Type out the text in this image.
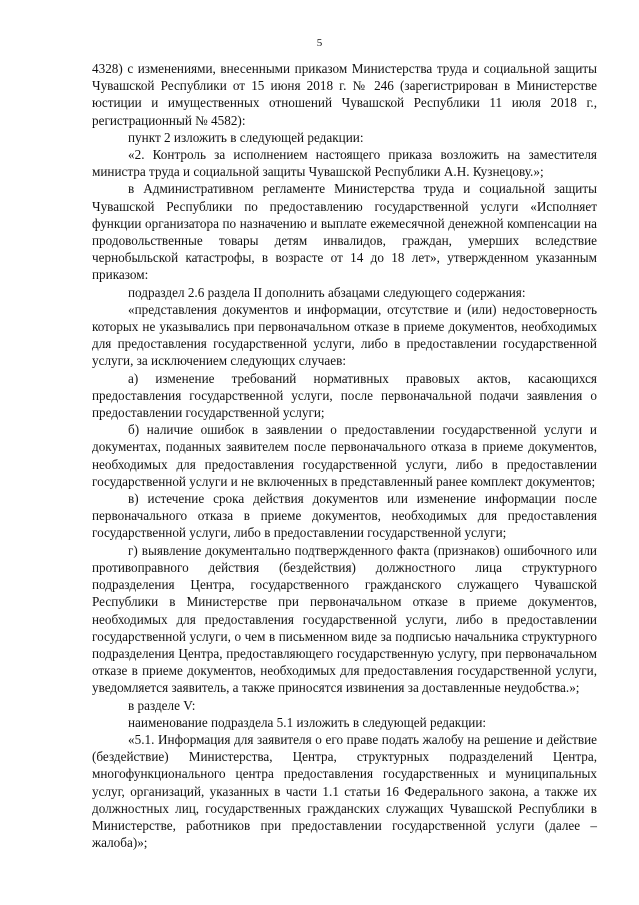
5

4328) с изменениями, внесенными приказом Министерства труда и социальной защиты Чувашской Республики от 15 июня 2018 г. № 246 (зарегистрирован в Министерстве юстиции и имущественных отношений Чувашской Республики 11 июля 2018 г., регистрационный № 4582):

пункт 2 изложить в следующей редакции:

«2. Контроль за исполнением настоящего приказа возложить на заместителя министра труда и социальной защиты Чувашской Республики А.Н. Кузнецову.»;

в Административном регламенте Министерства труда и социальной защиты Чувашской Республики по предоставлению государственной услуги «Исполняет функции организатора по назначению и выплате ежемесячной денежной компенсации на продовольственные товары детям инвалидов, граждан, умерших вследствие чернобыльской катастрофы, в возрасте от 14 до 18 лет», утвержденном указанным приказом:

подраздел 2.6 раздела II дополнить абзацами следующего содержания:

«представления документов и информации, отсутствие и (или) недостоверность которых не указывались при первоначальном отказе в приеме документов, необходимых для предоставления государственной услуги, либо в предоставлении государственной услуги, за исключением следующих случаев:

а) изменение требований нормативных правовых актов, касающихся предоставления государственной услуги, после первоначальной подачи заявления о предоставлении государственной услуги;

б) наличие ошибок в заявлении о предоставлении государственной услуги и документах, поданных заявителем после первоначального отказа в приеме документов, необходимых для предоставления государственной услуги, либо в предоставлении государственной услуги и не включенных в представленный ранее комплект документов;

в) истечение срока действия документов или изменение информации после первоначального отказа в приеме документов, необходимых для предоставления государственной услуги, либо в предоставлении государственной услуги;

г) выявление документально подтвержденного факта (признаков) ошибочного или противоправного действия (бездействия) должностного лица структурного подразделения Центра, государственного гражданского служащего Чувашской Республики в Министерстве при первоначальном отказе в приеме документов, необходимых для предоставления государственной услуги, либо в предоставлении государственной услуги, о чем в письменном виде за подписью начальника структурного подразделения Центра, предоставляющего государственную услугу, при первоначальном отказе в приеме документов, необходимых для предоставления государственной услуги, уведомляется заявитель, а также приносятся извинения за доставленные неудобства.»;

в разделе V:

наименование подраздела 5.1 изложить в следующей редакции:

«5.1. Информация для заявителя о его праве подать жалобу на решение и действие (бездействие) Министерства, Центра, структурных подразделений Центра, многофункционального центра предоставления государственных и муниципальных услуг, организаций, указанных в части 1.1 статьи 16 Федерального закона, а также их должностных лиц, государственных гражданских служащих Чувашской Республики в Министерстве, работников при предоставлении государственной услуги (далее – жалоба)»;
